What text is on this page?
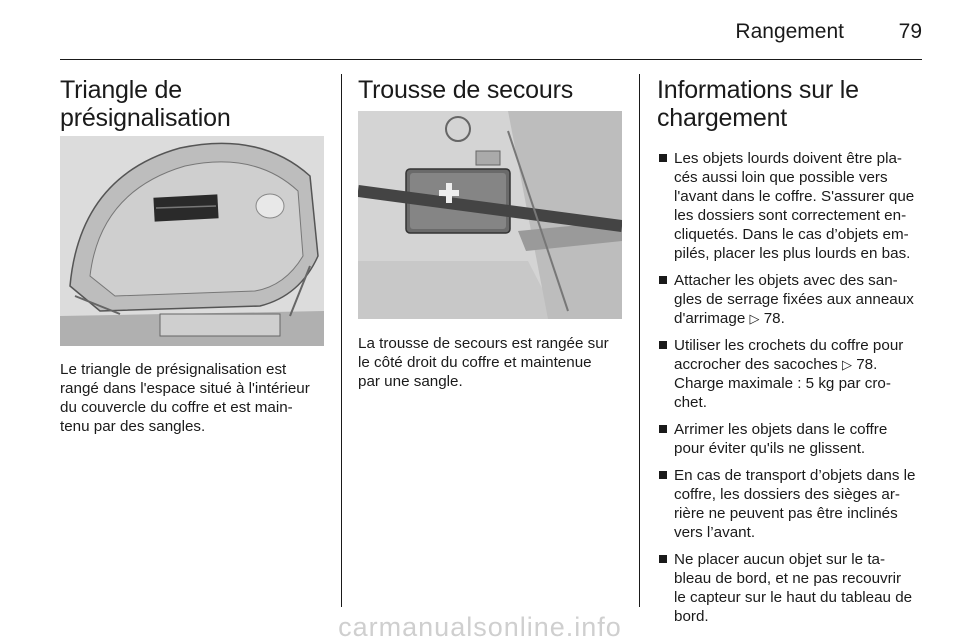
Rangement	79
Triangle de
présignalisation

Le triangle de présignalisation est
rangé dans l'espace situé à l'intérieur
du couvercle du coffre et est main-
tenu par des sangles.

Trousse de secours

La trousse de secours est rangée sur
le côté droit du coffre et maintenue
par une sangle.

Informations sur le
chargement
Les objets lourds doivent être pla-
cés aussi loin que possible vers
l'avant dans le coffre. S'assurer que
les dossiers sont correctement en-
cliquetés. Dans le cas d’objets em-
pilés, placer les plus lourds en bas.
Attacher les objets avec des san-
gles de serrage fixées aux anneaux
d'arrimage ▷ 78.
Utiliser les crochets du coffre pour
accrocher des sacoches ▷ 78.
Charge maximale : 5 kg par cro-
chet.
Arrimer les objets dans le coffre
pour éviter qu'ils ne glissent.
En cas de transport d’objets dans le
coffre, les dossiers des sièges ar-
rière ne peuvent pas être inclinés
vers l’avant.
Ne placer aucun objet sur le ta-
bleau de bord, et ne pas recouvrir
le capteur sur le haut du tableau de
bord.
carmanualsonline.info
